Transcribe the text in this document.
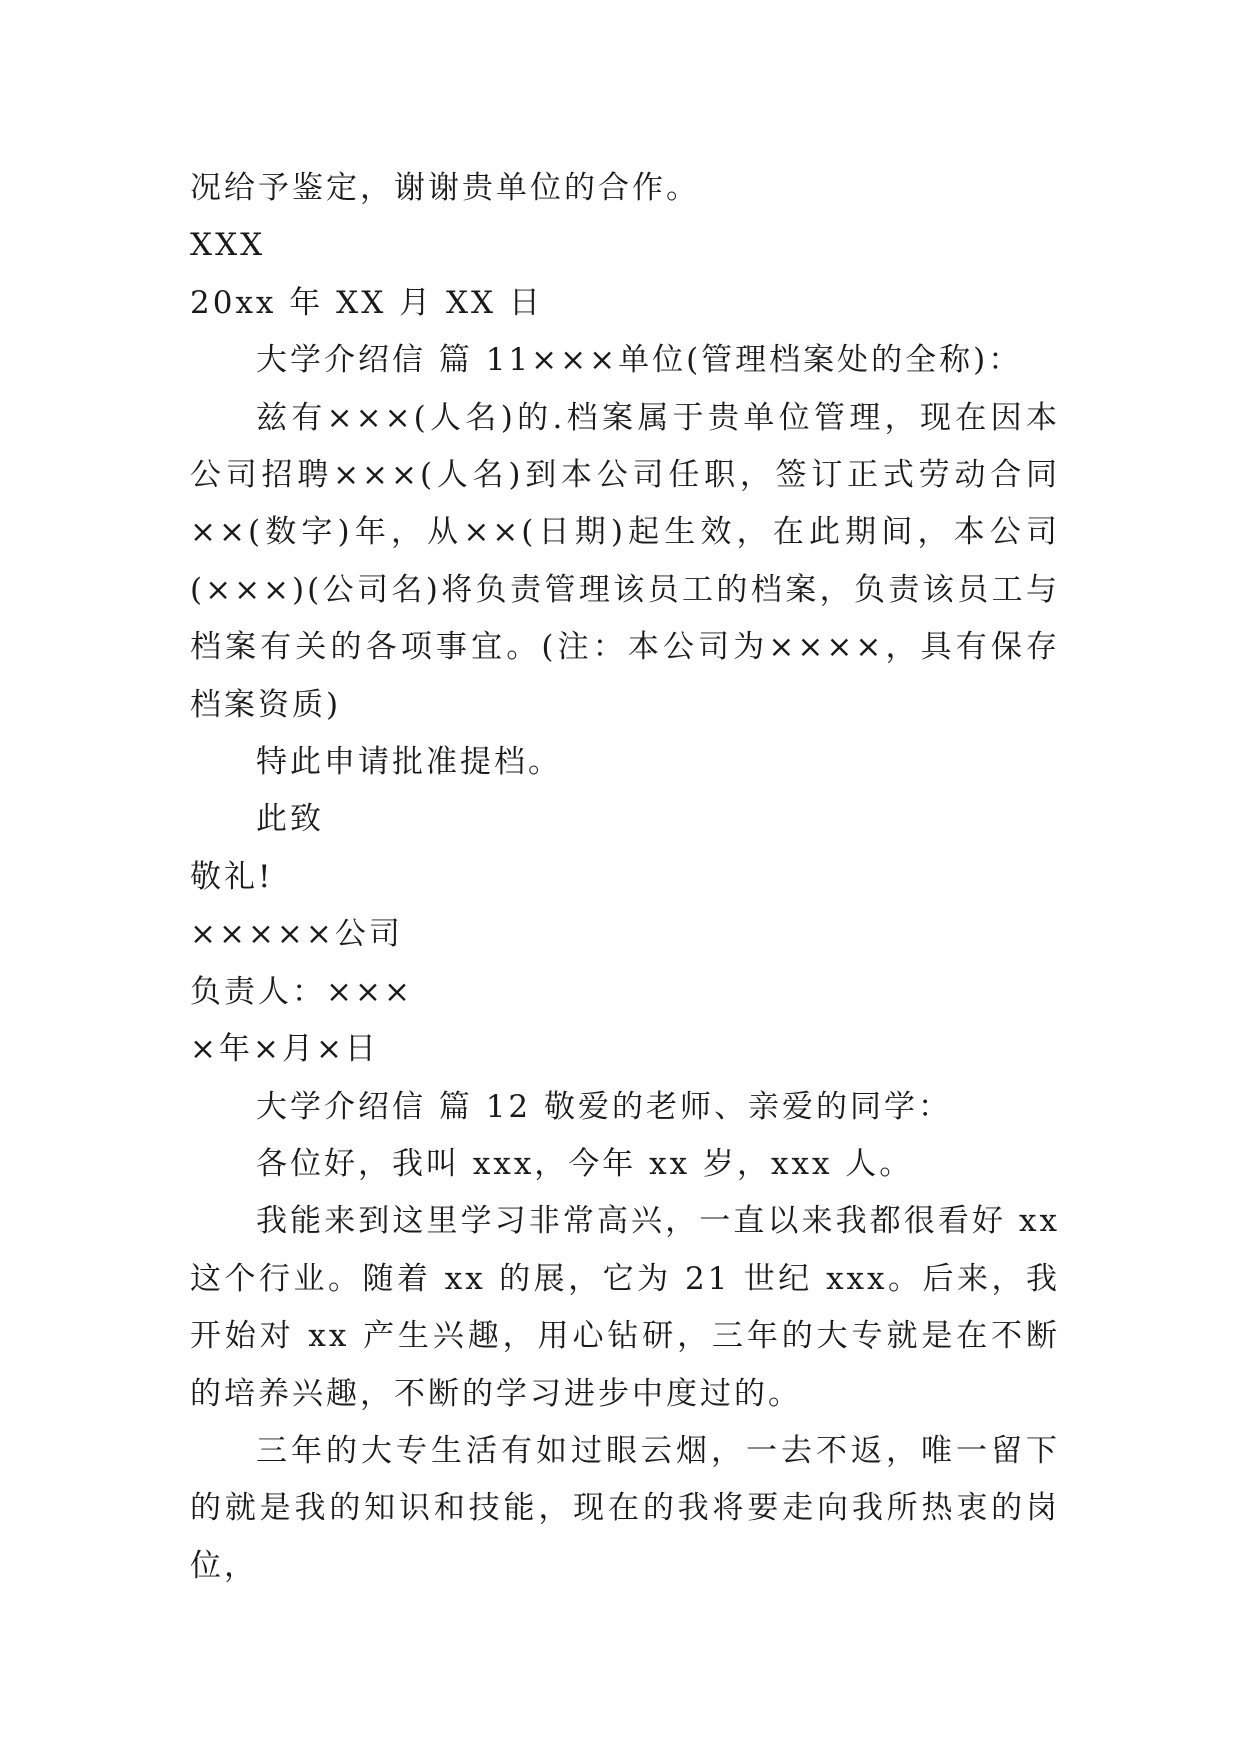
况给予鉴定，谢谢贵单位的合作。

XXX

20xx 年 XX 月 XX 日

大学介绍信 篇 11×××单位(管理档案处的全称)：

兹有×××(人名)的.档案属于贵单位管理，现在因本公司招聘×××(人名)到本公司任职，签订正式劳动合同××(数字)年，从××(日期)起生效，在此期间，本公司(×××)(公司名)将负责管理该员工的档案，负责该员工与档案有关的各项事宜。(注：本公司为××××，具有保存档案资质)

特此申请批准提档。

此致

敬礼!

×××××公司

负责人：×××

×年×月×日

大学介绍信 篇 12 敬爱的老师、亲爱的同学：

各位好，我叫 xxx，今年 xx 岁，xxx 人。

我能来到这里学习非常高兴，一直以来我都很看好 xx 这个行业。随着 xx 的展，它为 21 世纪 xxx。后来，我开始对 xx 产生兴趣，用心钻研，三年的大专就是在不断的培养兴趣，不断的学习进步中度过的。

三年的大专生活有如过眼云烟，一去不返，唯一留下的就是我的知识和技能，现在的我将要走向我所热衷的岗位，
